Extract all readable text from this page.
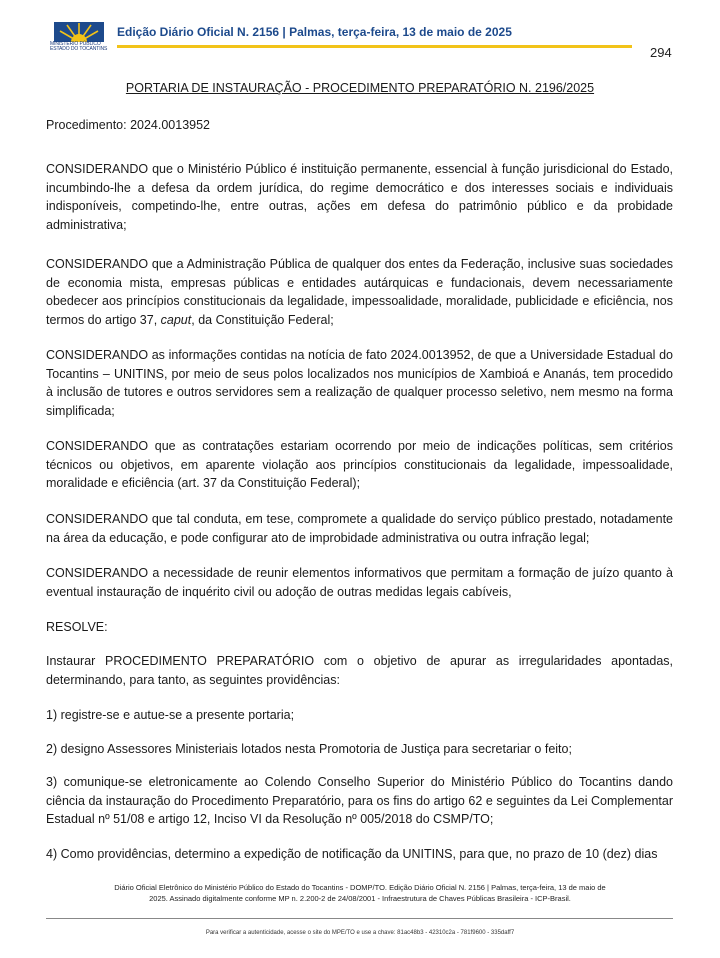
MINISTÉRIO PÚBLICO
ESTADO DO TOCANTINS
Edição Diário Oficial N. 2156 | Palmas, terça-feira, 13 de maio de 2025
294
PORTARIA DE INSTAURAÇÃO - PROCEDIMENTO PREPARATÓRIO N. 2196/2025
Procedimento: 2024.0013952

CONSIDERANDO que o Ministério Público é instituição permanente, essencial à função jurisdicional do Estado, incumbindo-lhe a defesa da ordem jurídica, do regime democrático e dos interesses sociais e individuais indisponíveis, competindo-lhe, entre outras, ações em defesa do patrimônio público e da probidade administrativa;

CONSIDERANDO que a Administração Pública de qualquer dos entes da Federação, inclusive suas sociedades de economia mista, empresas públicas e entidades autárquicas e fundacionais, devem necessariamente obedecer aos princípios constitucionais da legalidade, impessoalidade, moralidade, publicidade e eficiência, nos termos do artigo 37, caput, da Constituição Federal;

CONSIDERANDO as informações contidas na notícia de fato 2024.0013952, de que a Universidade Estadual do Tocantins – UNITINS, por meio de seus polos localizados nos municípios de Xambioá e Ananás, tem procedido à inclusão de tutores e outros servidores sem a realização de qualquer processo seletivo, nem mesmo na forma simplificada;

CONSIDERANDO que as contratações estariam ocorrendo por meio de indicações políticas, sem critérios técnicos ou objetivos, em aparente violação aos princípios constitucionais da legalidade, impessoalidade, moralidade e eficiência (art. 37 da Constituição Federal);

CONSIDERANDO que tal conduta, em tese, compromete a qualidade do serviço público prestado, notadamente na área da educação, e pode configurar ato de improbidade administrativa ou outra infração legal;

CONSIDERANDO a necessidade de reunir elementos informativos que permitam a formação de juízo quanto à eventual instauração de inquérito civil ou adoção de outras medidas legais cabíveis,

RESOLVE:

Instaurar PROCEDIMENTO PREPARATÓRIO com o objetivo de apurar as irregularidades apontadas, determinando, para tanto, as seguintes providências:

1) registre-se e autue-se a presente portaria;

2) designo Assessores Ministeriais lotados nesta Promotoria de Justiça para secretariar o feito;

3) comunique-se eletronicamente ao Colendo Conselho Superior do Ministério Público do Tocantins dando ciência da instauração do Procedimento Preparatório, para os fins do artigo 62 e seguintes da Lei Complementar Estadual nº 51/08 e artigo 12, Inciso VI da Resolução nº 005/2018 do CSMP/TO;

4) Como providências, determino a expedição de notificação da UNITINS, para que, no prazo de 10 (dez) dias

Diário Oficial Eletrônico do Ministério Público do Estado do Tocantins - DOMP/TO. Edição Diário Oficial N. 2156 | Palmas, terça-feira, 13 de maio de
2025. Assinado digitalmente conforme MP n. 2.200-2 de 24/08/2001 - Infraestrutura de Chaves Públicas Brasileira - ICP-Brasil.
Para verificar a autenticidade, acesse o site do MPE/TO e use a chave: 81ac48b3 - 42310c2a - 781f9600 - 335daff7
